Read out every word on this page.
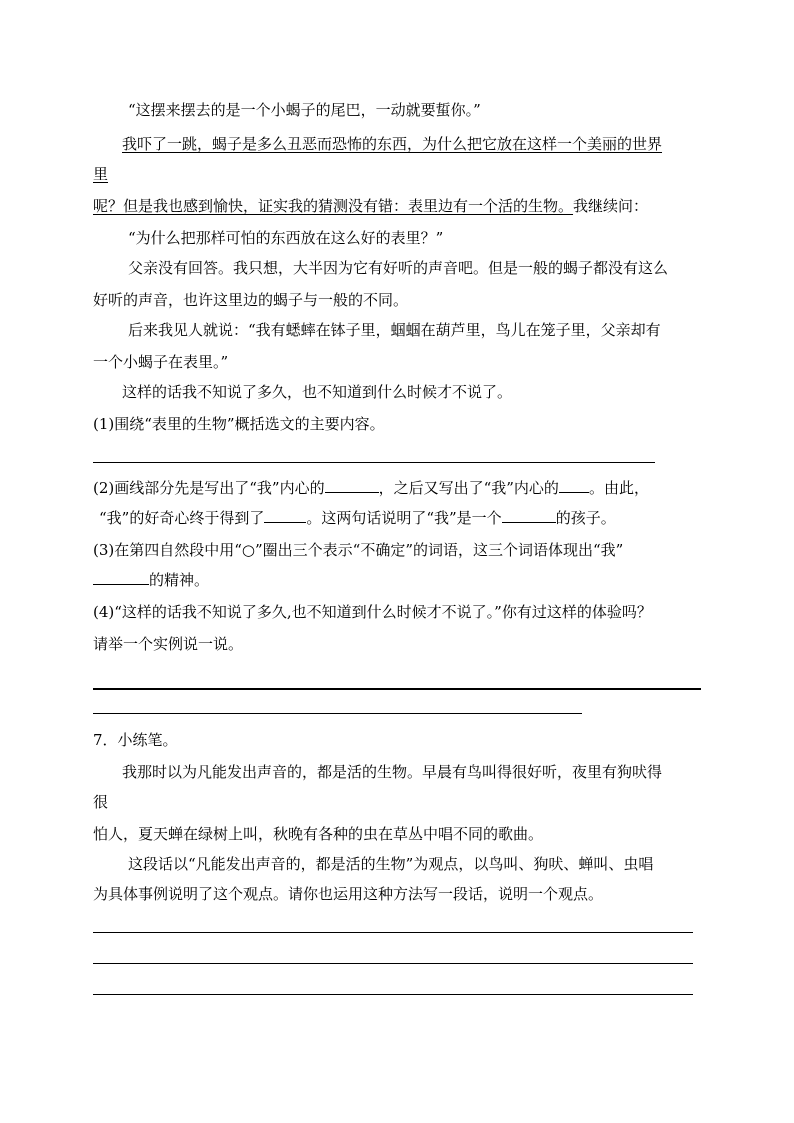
“这摆来摆去的是一个小蝎子的尾巴，一动就要蜇你。”
我吓了一跳，蝎子是多么丑恶而恐怖的东西，为什么把它放在这样一个美丽的世界
里
呢？但是我也感到愉快，证实我的猜测没有错：表里边有一个活的生物。我继续问：
“为什么把那样可怕的东西放在这么好的表里？”
父亲没有回答。我只想，大半因为它有好听的声音吧。但是一般的蝎子都没有这么
好听的声音，也许这里边的蝎子与一般的不同。
后来我见人就说：“我有蟋蟀在钵子里，蝈蝈在葫芦里，鸟儿在笼子里，父亲却有
一个小蝎子在表里。”
这样的话我不知说了多久，也不知道到什么时候才不说了。
(1)围绕“表里的生物”概括选文的主要内容。
(2)画线部分先是写出了“我”内心的	，之后又写出了“我”内心的 。由此，
“我”的好奇心终于得到了	。这两句话说明了“我”是一个	的孩子。
(3)在第四自然段中用“○”圈出三个表示“不确定”的词语，这三个词语体现出“我”
的精神。
(4)“这样的话我不知说了多久,也不知道到什么时候才不说了。”你有过这样的体验吗？
请举一个实例说一说。
7．小练笔。
我那时以为凡能发出声音的，都是活的生物。早晨有鸟叫得很好听，夜里有狗吠得
很
怕人，夏天蝉在绿树上叫，秋晚有各种的虫在草丛中唱不同的歌曲。
这段话以“凡能发出声音的，都是活的生物”为观点，以鸟叫、狗吠、蝉叫、虫唱
为具体事例说明了这个观点。请你也运用这种方法写一段话，说明一个观点。
